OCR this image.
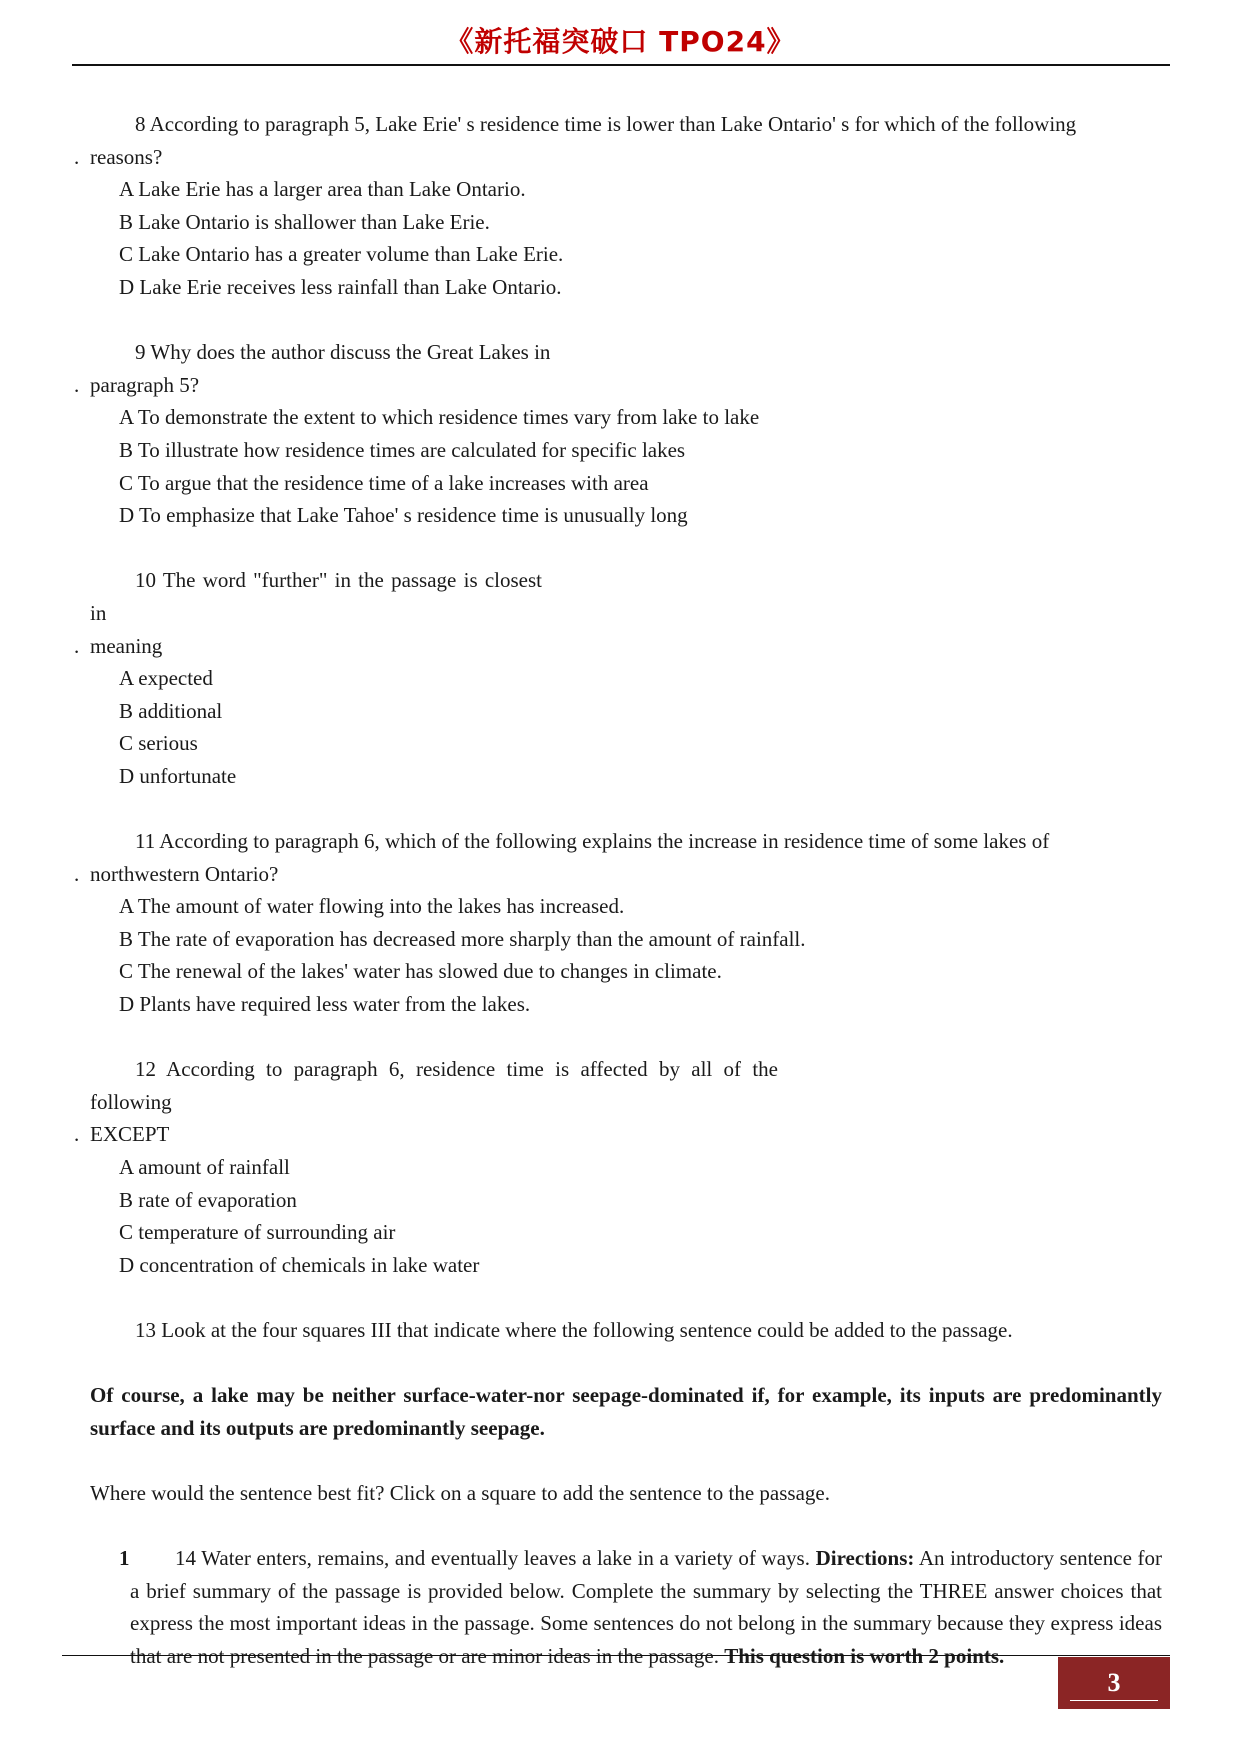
《新托福突破口 TPO24》
8 According to paragraph 5, Lake Erie' s residence time is lower than Lake Ontario' s for which of the following
. reasons?
A Lake Erie has a larger area than Lake Ontario.
B Lake Ontario is shallower than Lake Erie.
C Lake Ontario has a greater volume than Lake Erie.
D Lake Erie receives less rainfall than Lake Ontario.
9 Why does the author discuss the Great Lakes in
. paragraph 5?
A To demonstrate the extent to which residence times vary from lake to lake
B To illustrate how residence times are calculated for specific lakes
C To argue that the residence time of a lake increases with area
D To emphasize that Lake Tahoe' s residence time is unusually long
10 The word "further" in the passage is closest in
. meaning
A expected
B additional
C serious
D unfortunate
11 According to paragraph 6, which of the following explains the increase in residence time of some lakes of
. northwestern Ontario?
A The amount of water flowing into the lakes has increased.
B The rate of evaporation has decreased more sharply than the amount of rainfall.
C The renewal of the lakes' water has slowed due to changes in climate.
D Plants have required less water from the lakes.
12 According to paragraph 6, residence time is affected by all of the following
. EXCEPT
A amount of rainfall
B rate of evaporation
C temperature of surrounding air
D concentration of chemicals in lake water
13 Look at the four squares III that indicate where the following sentence could be added to the passage.
Of course, a lake may be neither surface-water-nor seepage-dominated if, for example, its inputs are predominantly surface and its outputs are predominantly seepage.
Where would the sentence best fit? Click on a square to add the sentence to the passage.
1	14 Water enters, remains, and eventually leaves a lake in a variety of ways. Directions: An introductory sentence for a brief summary of the passage is provided below. Complete the summary by selecting the THREE answer choices that express the most important ideas in the passage. Some sentences do not belong in the summary because they express ideas that are not presented in the passage or are minor ideas in the passage. This question is worth 2 points.
3
